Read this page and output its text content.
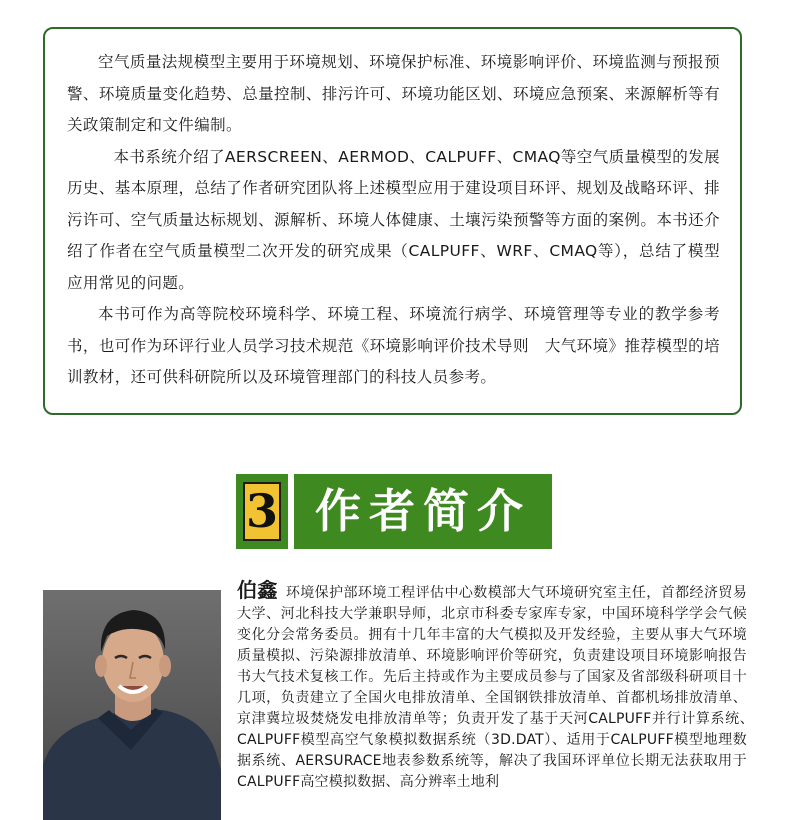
空气质量法规模型主要用于环境规划、环境保护标准、环境影响评价、环境监测与预报预警、环境质量变化趋势、总量控制、排污许可、环境功能区划、环境应急预案、来源解析等有关政策制定和文件编制。

本书系统介绍了AERSCREEN、AERMOD、CALPUFF、CMAQ等空气质量模型的发展历史、基本原理，总结了作者研究团队将上述模型应用于建设项目环评、规划及战略环评、排污许可、空气质量达标规划、源解析、环境人体健康、土壤污染预警等方面的案例。本书还介绍了作者在空气质量模型二次开发的研究成果（CALPUFF、WRF、CMAQ等），总结了模型应用常见的问题。

本书可作为高等院校环境科学、环境工程、环境流行病学、环境管理等专业的教学参考书，也可作为环评行业人员学习技术规范《环境影响评价技术导则　大气环境》推荐模型的培训教材，还可供科研院所以及环境管理部门的科技人员参考。

3 作者简介
伯鑫 环境保护部环境工程评估中心数模部大气环境研究室主任，首都经济贸易大学、河北科技大学兼职导师，北京市科委专家库专家，中国环境科学学会气候变化分会常务委员。拥有十几年丰富的大气模拟及开发经验，主要从事大气环境质量模拟、污染源排放清单、环境影响评价等研究，负责建设项目环境影响报告书大气技术复核工作。先后主持或作为主要成员参与了国家及省部级科研项目十几项，负责建立了全国火电排放清单、全国钢铁排放清单、首都机场排放清单、京津冀垃圾焚烧发电排放清单等；负责开发了基于天河CALPUFF并行计算系统、　CALPUFF模型高空气象模拟数据系统（3D.DAT）、适用于CALPUFF模型地理数据系统、AERSURACE地表参数系统等，解决了我国环评单位长期无法获取用于CALPUFF高空模拟数据、高分辨率土地利
